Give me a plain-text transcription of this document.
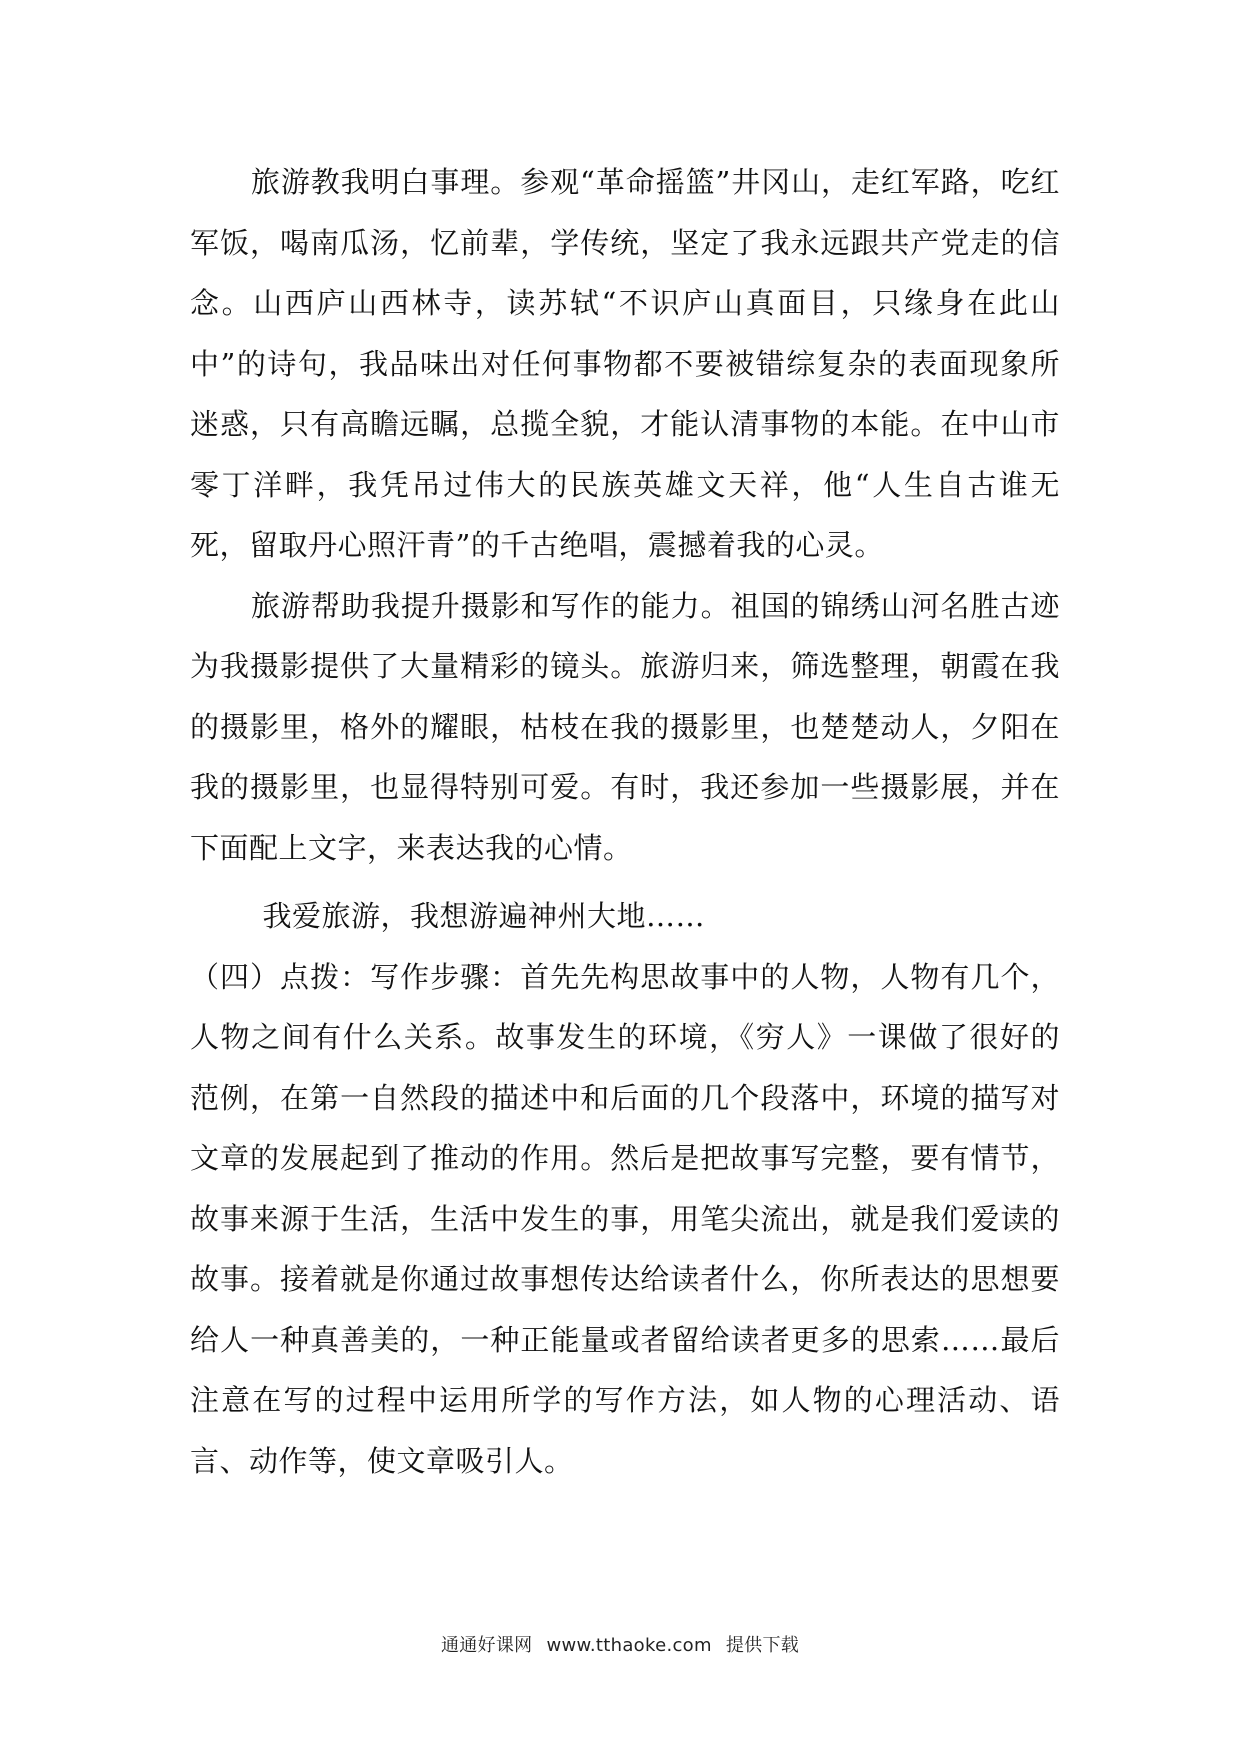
旅游教我明白事理。参观“革命摇篮”井冈山，走红军路，吃红军饭，喝南瓜汤，忆前辈，学传统，坚定了我永远跟共产党走的信念。山西庐山西林寺，读苏轼“不识庐山真面目，只缘身在此山中”的诗句，我品味出对任何事物都不要被错综复杂的表面现象所迷惑，只有高瞻远瞩，总揽全貌，才能认清事物的本能。在中山市零丁洋畔，我凭吊过伟大的民族英雄文天祥，他“人生自古谁无死，留取丹心照汗青”的千古绝唱，震撼着我的心灵。

旅游帮助我提升摄影和写作的能力。祖国的锦绣山河名胜古迹为我摄影提供了大量精彩的镜头。旅游归来，筛选整理，朝霞在我的摄影里，格外的耀眼，枯枝在我的摄影里，也楚楚动人，夕阳在我的摄影里，也显得特别可爱。有时，我还参加一些摄影展，并在下面配上文字，来表达我的心情。

我爱旅游，我想游遍神州大地……

（四）点拨：写作步骤：首先先构思故事中的人物，人物有几个，人物之间有什么关系。故事发生的环境，《穷人》一课做了很好的范例，在第一自然段的描述中和后面的几个段落中，环境的描写对文章的发展起到了推动的作用。然后是把故事写完整，要有情节，故事来源于生活，生活中发生的事，用笔尖流出，就是我们爱读的故事。接着就是你通过故事想传达给读者什么，你所表达的思想要给人一种真善美的，一种正能量或者留给读者更多的思索……最后注意在写的过程中运用所学的写作方法，如人物的心理活动、语言、动作等，使文章吸引人。

通通好课网 www.tthaoke.com 提供下载
